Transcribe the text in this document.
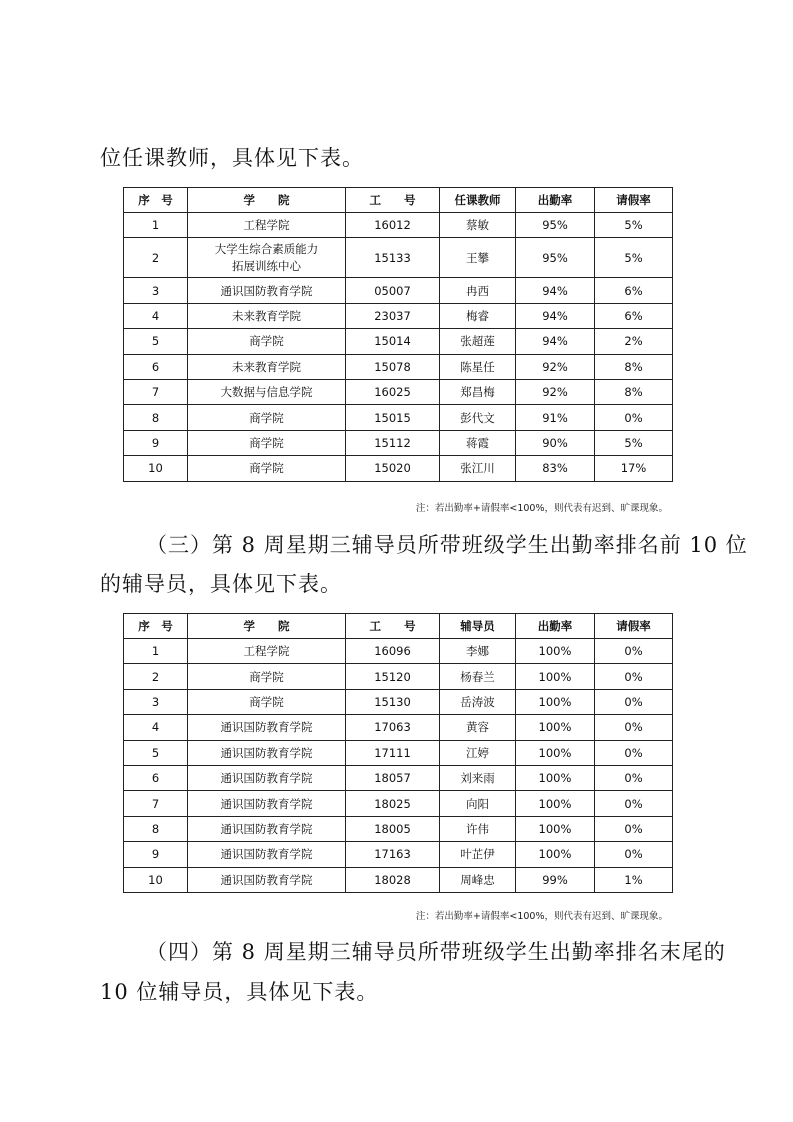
位任课教师，具体见下表。
序　号	学　　院	工　　号	任课教师	出勤率	请假率
1	工程学院	16012	蔡敏	95%	5%
2	大学生综合素质能力
拓展训练中心	15133	王攀	95%	5%
3	通识国防教育学院	05007	冉西	94%	6%
4	未来教育学院	23037	梅睿	94%	6%
5	商学院	15014	张超莲	94%	2%
6	未来教育学院	15078	陈星任	92%	8%
7	大数据与信息学院	16025	郑昌梅	92%	8%
8	商学院	15015	彭代文	91%	0%
9	商学院	15112	蒋霞	90%	5%
10	商学院	15020	张江川	83%	17%
注：若出勤率+请假率<100%，则代表有迟到、旷课现象。
（三）第 8 周星期三辅导员所带班级学生出勤率排名前 10 位
的辅导员，具体见下表。
序　号	学　　院	工　　号	辅导员	出勤率	请假率
1	工程学院	16096	李娜	100%	0%
2	商学院	15120	杨春兰	100%	0%
3	商学院	15130	岳涛波	100%	0%
4	通识国防教育学院	17063	黄容	100%	0%
5	通识国防教育学院	17111	江婷	100%	0%
6	通识国防教育学院	18057	刘来雨	100%	0%
7	通识国防教育学院	18025	向阳	100%	0%
8	通识国防教育学院	18005	许伟	100%	0%
9	通识国防教育学院	17163	叶芷伊	100%	0%
10	通识国防教育学院	18028	周峰忠	99%	1%
注：若出勤率+请假率<100%，则代表有迟到、旷课现象。
（四）第 8 周星期三辅导员所带班级学生出勤率排名末尾的
10 位辅导员，具体见下表。
